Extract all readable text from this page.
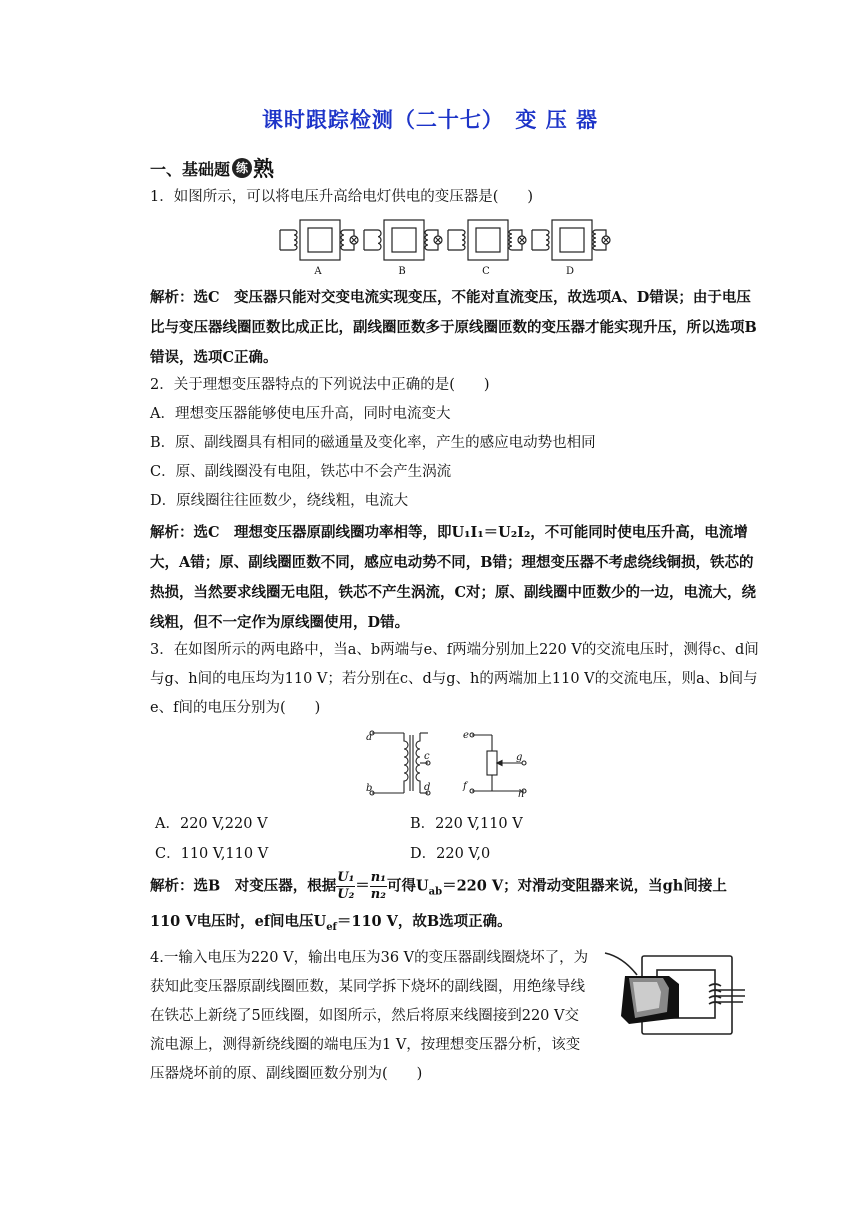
课时跟踪检测（二十七）　变 压 器
一、基础题 练 熟
1．如图所示，可以将电压升高给电灯供电的变压器是(　　)
A	B	C	D
解析：选C　变压器只能对交变电流实现变压，不能对直流变压，故选项A、D错误；由于电压比与变压器线圈匝数比成正比，副线圈匝数多于原线圈匝数的变压器才能实现升压，所以选项B错误，选项C正确。
2．关于理想变压器特点的下列说法中正确的是(　　)
A．理想变压器能够使电压升高，同时电流变大
B．原、副线圈具有相同的磁通量及变化率，产生的感应电动势也相同
C．原、副线圈没有电阻，铁芯中不会产生涡流
D．原线圈往往匝数少，绕线粗，电流大
解析：选C　理想变压器原副线圈功率相等，即U₁I₁＝U₂I₂，不可能同时使电压升高，电流增大，A错；原、副线圈匝数不同，感应电动势不同，B错；理想变压器不考虑绕线铜损，铁芯的热损，当然要求线圈无电阻，铁芯不产生涡流，C对；原、副线圈中匝数少的一边，电流大，绕线粗，但不一定作为原线圈使用，D错。
3．在如图所示的两电路中，当a、b两端与e、f两端分别加上220 V的交流电压时，测得c、d间与g、h间的电压均为110 V；若分别在c、d与g、h的两端加上110 V的交流电压，则a、b间与e、f间的电压分别为(　　)
a
b
c
d
e
f
g
h
A．220 V,220 V	B．220 V,110 V
C．110 V,110 V	D．220 V,0
解析：选B　对变压器，根据 $\frac{\text{U₁}}{\text{U₂}} = \frac{\text{n₁}}{\text{n₂}}$ 可得$U_{ab}=220$ V；对滑动变阻器来说，当gh间接上
110 V电压时，ef间电压$U_{ef}=110$ V，故B选项正确。
4.一输入电压为220 V，输出电压为36 V的变压器副线圈烧坏了，为获知此变压器原副线圈匝数，某同学拆下烧坏的副线圈，用绝缘导线在铁芯上新绕了5匝线圈，如图所示，然后将原来线圈接到220 V交流电源上，测得新绕线圈的端电压为1 V，按理想变压器分析，该变压器烧坏前的原、副线圈匝数分别为(　　)
